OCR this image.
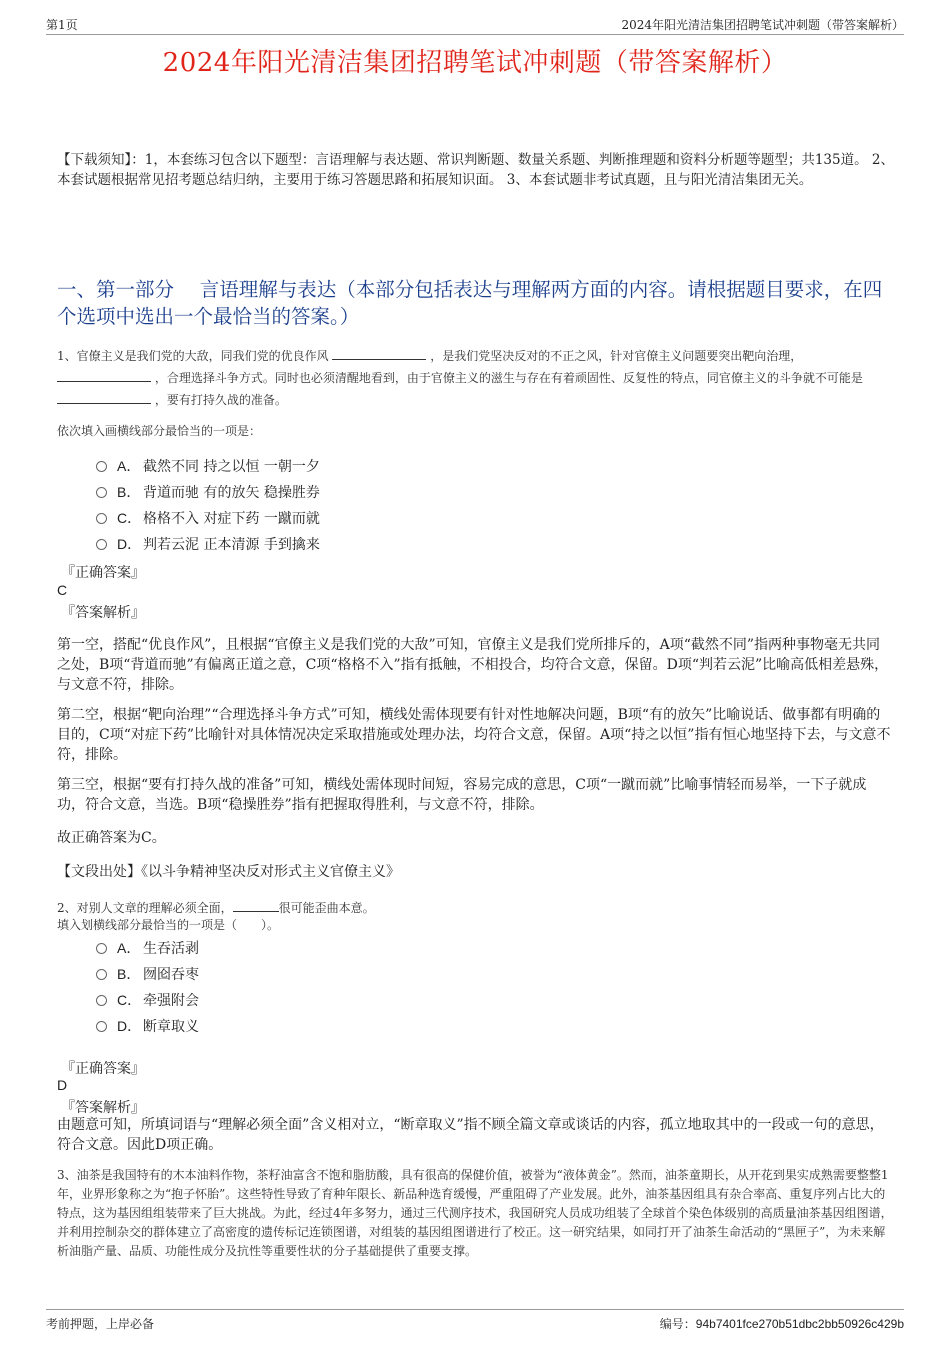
第1页	2024年阳光清洁集团招聘笔试冲刺题（带答案解析）
2024年阳光清洁集团招聘笔试冲刺题（带答案解析）
【下载须知】：1，本套练习包含以下题型：言语理解与表达题、常识判断题、数量关系题、判断推理题和资料分析题等题型；共135道。 2、本套试题根据常见招考题总结归纳，主要用于练习答题思路和拓展知识面。 3、本套试题非考试真题，且与阳光清洁集团无关。
一、第一部分　 言语理解与表达（本部分包括表达与理解两方面的内容。请根据题目要求，在四个选项中选出一个最恰当的答案。）
1、官僚主义是我们党的大敌，同我们党的优良作风	，是我们党坚决反对的不正之风，针对官僚主义问题要突出靶向治理，  ，合理选择斗争方式。同时也必须清醒地看到，由于官僚主义的滋生与存在有着顽固性、反复性的特点，同官僚主义的斗争就不可能是  ，要有打持久战的准备。
依次填入画横线部分最恰当的一项是：
A． 截然不同 持之以恒 一朝一夕
B． 背道而驰 有的放矢 稳操胜券
C． 格格不入 对症下药 一蹴而就
D． 判若云泥 正本清源 手到擒来
『正确答案』
C
『答案解析』
第一空，搭配“优良作风”，且根据“官僚主义是我们党的大敌”可知，官僚主义是我们党所排斥的，A项“截然不同”指两种事物毫无共同之处，B项“背道而驰”有偏离正道之意，C项“格格不入”指有抵触，不相投合，均符合文意，保留。D项“判若云泥”比喻高低相差悬殊，与文意不符，排除。
第二空，根据“靶向治理”“合理选择斗争方式”可知，横线处需体现要有针对性地解决问题，B项“有的放矢”比喻说话、做事都有明确的目的，C项“对症下药”比喻针对具体情况决定采取措施或处理办法，均符合文意，保留。A项“持之以恒”指有恒心地坚持下去，与文意不符，排除。
第三空，根据“要有打持久战的准备”可知，横线处需体现时间短，容易完成的意思，C项“一蹴而就”比喻事情轻而易举，一下子就成功，符合文意，当选。B项“稳操胜券”指有把握取得胜利，与文意不符，排除。
故正确答案为C。
【文段出处】《以斗争精神坚决反对形式主义官僚主义》
2、对别人文章的理解必须全面，	很可能歪曲本意。
填入划横线部分最恰当的一项是（　　）。
A． 生吞活剥
B． 囫囵吞枣
C． 牵强附会
D． 断章取义
『正确答案』
D
『答案解析』
由题意可知，所填词语与“理解必须全面”含义相对立，“断章取义”指不顾全篇文章或谈话的内容，孤立地取其中的一段或一句的意思，符合文意。因此D项正确。
3、油茶是我国特有的木本油料作物，茶籽油富含不饱和脂肪酸，具有很高的保健价值，被誉为“液体黄金”。然而，油茶童期长，从开花到果实成熟需要整整1年，业界形象称之为“抱子怀胎”。这些特性导致了育种年限长、新品种选育缓慢，严重阻碍了产业发展。此外，油茶基因组具有杂合率高、重复序列占比大的特点，这为基因组组装带来了巨大挑战。为此，经过4年多努力，通过三代测序技术，我国研究人员成功组装了全球首个染色体级别的高质量油茶基因组图谱，并利用控制杂交的群体建立了高密度的遗传标记连锁图谱，对组装的基因组图谱进行了校正。这一研究结果，如同打开了油茶生命活动的“黑匣子”，为未来解析油脂产量、品质、功能性成分及抗性等重要性状的分子基础提供了重要支撑。
考前押题，上岸必备	编号：94b7401fce270b51dbc2bb50926c429b
